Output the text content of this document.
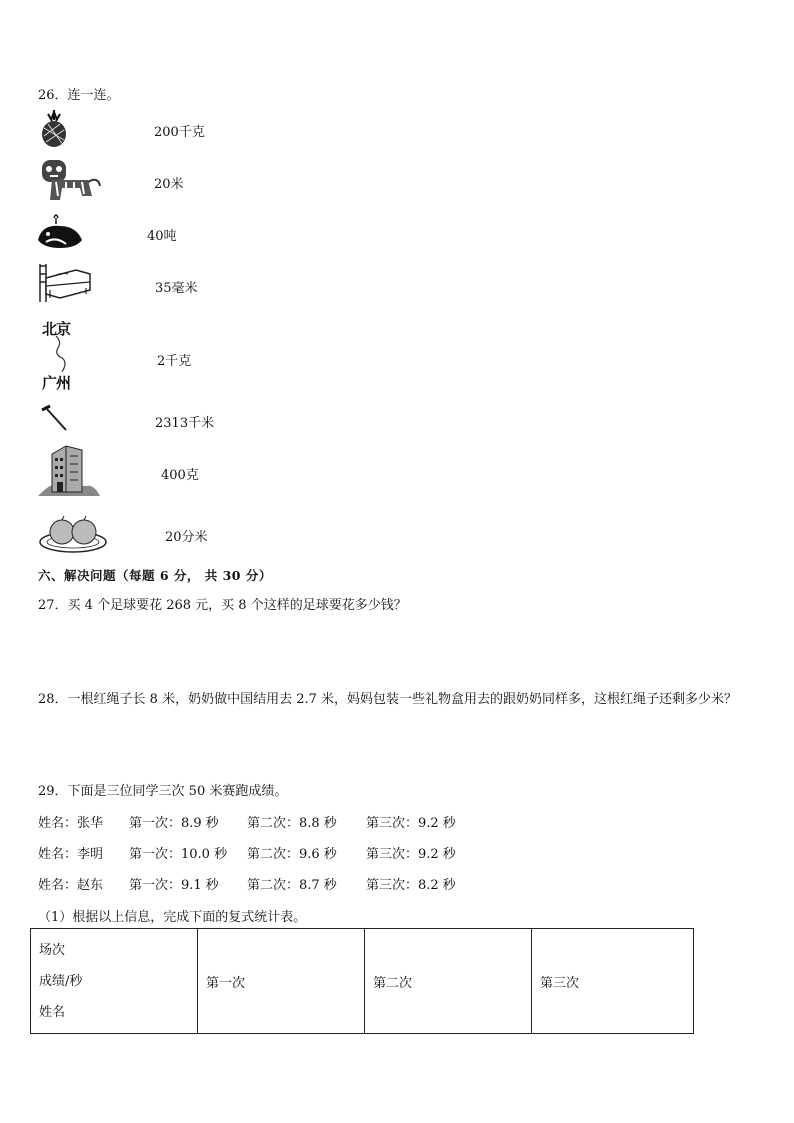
26．连一连。
北京
广州
200千克
20米
40吨
35毫米
2千克
2313千米
400克
20分米
六、解决问题（每题 6 分， 共 30 分）
27．买 4 个足球要花 268 元，买 8 个这样的足球要花多少钱？
28．一根红绳子长 8 米，奶奶做中国结用去 2.7 米，妈妈包装一些礼物盒用去的跟奶奶同样多，这根红绳子还剩多少米？
29．下面是三位同学三次 50 米赛跑成绩。
姓名：张华 第一次：8.9 秒 第二次：8.8 秒 第三次：9.2 秒
姓名：李明 第一次：10.0 秒 第二次：9.6 秒 第三次：9.2 秒
姓名：赵东 第一次：9.1 秒 第二次：8.7 秒 第三次：8.2 秒
（1）根据以上信息，完成下面的复式统计表。
场次
成绩/秒
姓名
	第一次	第二次	第三次
